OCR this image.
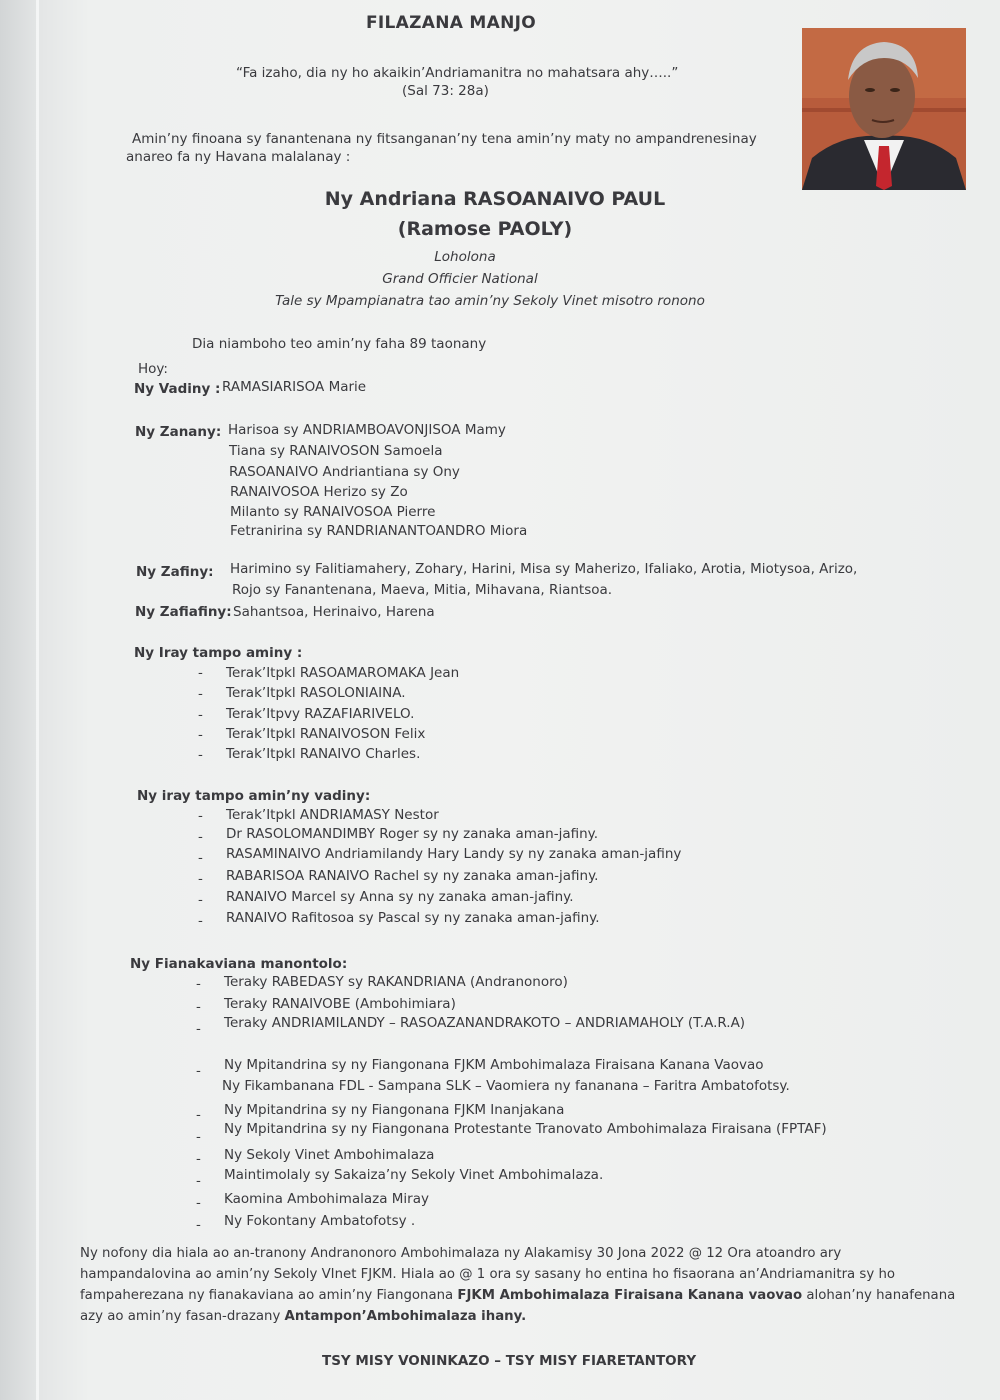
FILAZANA MANJO
“Fa izaho, dia ny ho akaikin’Andriamanitra no mahatsara ahy…..”
(Sal 73: 28a)
Amin’ny finoana sy fanantenana ny fitsanganan’ny tena amin’ny maty no ampandrenesinay
anareo fa ny Havana malalanay :
Ny Andriana RASOANAIVO PAUL
(Ramose PAOLY)
Loholona
Grand Officier National
Tale sy Mpampianatra tao amin’ny Sekoly Vinet misotro ronono
Dia niamboho teo amin’ny faha 89 taonany
Hoy:
Ny Vadiny : RAMASIARISOA Marie
Ny Zanany: Harisoa sy ANDRIAMBOAVONJISOA Mamy
Tiana sy RANAIVOSON Samoela
RASOANAIVO Andriantiana sy Ony
RANAIVOSOA Herizo sy Zo
Milanto sy RANAIVOSOA Pierre
Fetranirina sy RANDRIANANTOANDRO Miora
Ny Zafiny: Harimino sy Falitiamahery, Zohary, Harini, Misa sy Maherizo, Ifaliako, Arotia, Miotysoa, Arizo,
Rojo sy Fanantenana, Maeva, Mitia, Mihavana, Riantsoa.
Ny Zafiafiny: Sahantsoa, Herinaivo, Harena
Ny Iray tampo aminy :
- Terak’Itpkl RASOAMAROMAKA Jean
- Terak’Itpkl RASOLONIAINA.
- Terak’Itpvy RAZAFIARIVELO.
- Terak’Itpkl RANAIVOSON Felix
- Terak’Itpkl RANAIVO Charles.
Ny iray tampo amin’ny vadiny:
- Terak’Itpkl ANDRIAMASY Nestor
- Dr RASOLOMANDIMBY Roger sy ny zanaka aman-jafiny.
- RASAMINAIVO Andriamilandy Hary Landy sy ny zanaka aman-jafiny
- RABARISOA RANAIVO Rachel sy ny zanaka aman-jafiny.
- RANAIVO Marcel sy Anna sy ny zanaka aman-jafiny.
- RANAIVO Rafitosoa sy Pascal sy ny zanaka aman-jafiny.
Ny Fianakaviana manontolo:
- Teraky RABEDASY sy RAKANDRIANA (Andranonoro)
- Teraky RANAIVOBE (Ambohimiara)
- Teraky ANDRIAMILANDY – RASOAZANANDRAKOTO – ANDRIAMAHOLY (T.A.R.A)
- Ny Mpitandrina sy ny Fiangonana FJKM Ambohimalaza Firaisana Kanana Vaovao
Ny Fikambanana FDL - Sampana SLK – Vaomiera ny fananana – Faritra Ambatofotsy.
- Ny Mpitandrina sy ny Fiangonana FJKM Inanjakana
- Ny Mpitandrina sy ny Fiangonana Protestante Tranovato Ambohimalaza Firaisana (FPTAF)
- Ny Sekoly Vinet Ambohimalaza
- Maintimolaly sy Sakaiza’ny Sekoly Vinet Ambohimalaza.
- Kaomina Ambohimalaza Miray
- Ny Fokontany Ambatofotsy .
Ny nofony dia hiala ao an-tranony Andranonoro Ambohimalaza ny Alakamisy 30 Jona 2022 @ 12 Ora atoandro ary
hampandalovina ao amin’ny Sekoly VInet FJKM. Hiala ao @ 1 ora sy sasany ho entina ho fisaorana an’Andriamanitra sy ho
fampaherezana ny fianakaviana ao amin’ny Fiangonana FJKM Ambohimalaza Firaisana Kanana vaovao alohan’ny hanafenana
azy ao amin’ny fasan-drazany Antampon’Ambohimalaza ihany.
TSY MISY VONINKAZO – TSY MISY FIARETANTORY
